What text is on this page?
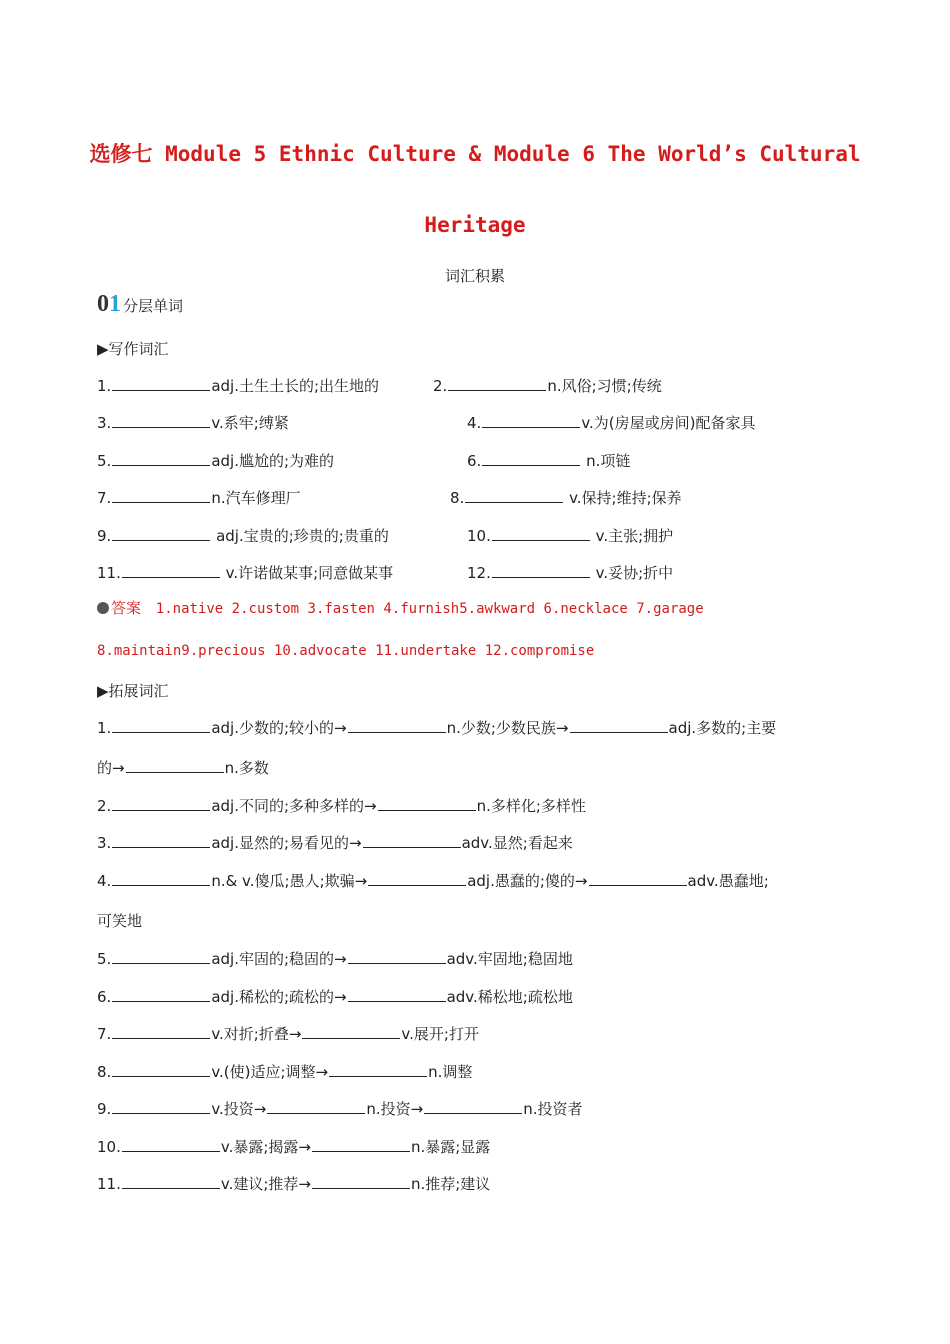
选修七 Module 5 Ethnic Culture & Module 6 The World’s Cultural
Heritage
词汇积累
01 分层单词
▶写作词汇
1.	adj.土生土长的;出生地的	2.	n.风俗;习惯;传统
3.	v.系牢;缚紧	4.	v.为(房屋或房间)配备家具
5.	adj.尴尬的;为难的	6.	n.项链
7.	n.汽车修理厂	8.	v.保持;维持;保养
9.	adj.宝贵的;珍贵的;贵重的	10.	v.主张;拥护
11.	v.许诺做某事;同意做某事	12.	v.妥协;折中
答案 1.native 2.custom 3.fasten 4.furnish5.awkward 6.necklace 7.garage
8.maintain9.precious 10.advocate 11.undertake 12.compromise
▶拓展词汇
1.	adj.少数的;较小的→	n.少数;少数民族→	adj.多数的;主要
的→	n.多数
2.	adj.不同的;多种多样的→	n.多样化;多样性
3.	adj.显然的;易看见的→	adv.显然;看起来
4.	n.& v.傻瓜;愚人;欺骗→	adj.愚蠢的;傻的→	adv.愚蠢地;
可笑地
5.	adj.牢固的;稳固的→	adv.牢固地;稳固地
6.	adj.稀松的;疏松的→	adv.稀松地;疏松地
7.	v.对折;折叠→	v.展开;打开
8.	v.(使)适应;调整→	n.调整
9.	v.投资→	n.投资→	n.投资者
10.	v.暴露;揭露→	n.暴露;显露
11.	v.建议;推荐→	n.推荐;建议
